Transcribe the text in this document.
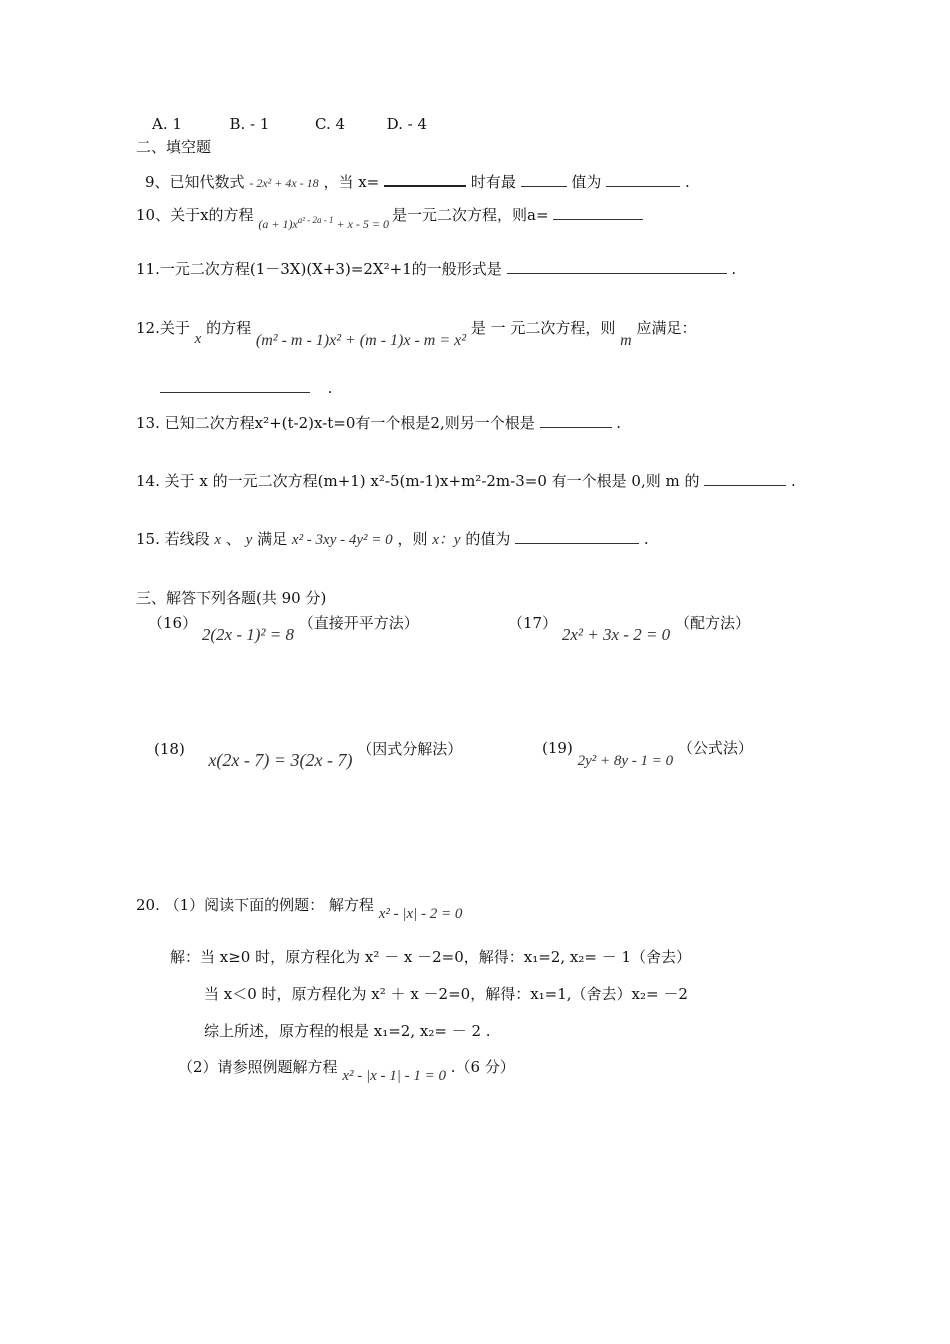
A. 1	B. - 1	C. 4	D. - 4
二、填空题
9、已知代数式 - 2x² + 4x - 18 ，当 x=	时有最	值为	.
10、关于x的方程 $_{(a + 1)x^{a^2 - 2a - 1} + x - 5 = 0}$ 是一元二次方程，则a=
11.一元二次方程(1－3X)(X+3)=2X²+1的一般形式是	.
12.关于 x 的方程 (m² - m - 1)x² + (m - 1)x - m = x² 是 一 元二次方程，则 m 应满足：
.
13. 已知二次方程x²+(t-2)x-t=0有一个根是2,则另一个根是	.
14. 关于 x 的一元二次方程(m+1) x²-5(m-1)x+m²-2m-3=0 有一个根是 0,则 m 的	.
15. 若线段 x 、 y 满足 x² - 3xy - 4y² = 0 ，则 x：y 的值为	.
三、解答下列各题(共 90 分)
（16） 2(2x - 1)² = 8 （直接开平方法）	（17） 2x² + 3x - 2 = 0 （配方法）
(18)  x(2x - 7) = 3(2x - 7) （因式分解法）	(19) 2y² + 8y - 1 = 0 （公式法）
20. （1）阅读下面的例题： 解方程 x² - |x| - 2 = 0
解：当 x≥0 时，原方程化为 x² － x －2=0，解得：x₁=2, x₂= － 1（舍去）
当 x＜0 时，原方程化为 x² ＋ x －2=0，解得：x₁=1,（舍去）x₂= －2
综上所述，原方程的根是 x₁=2, x₂= － 2 .
（2）请参照例题解方程 x² - |x - 1| - 1 = 0 .（6 分）
